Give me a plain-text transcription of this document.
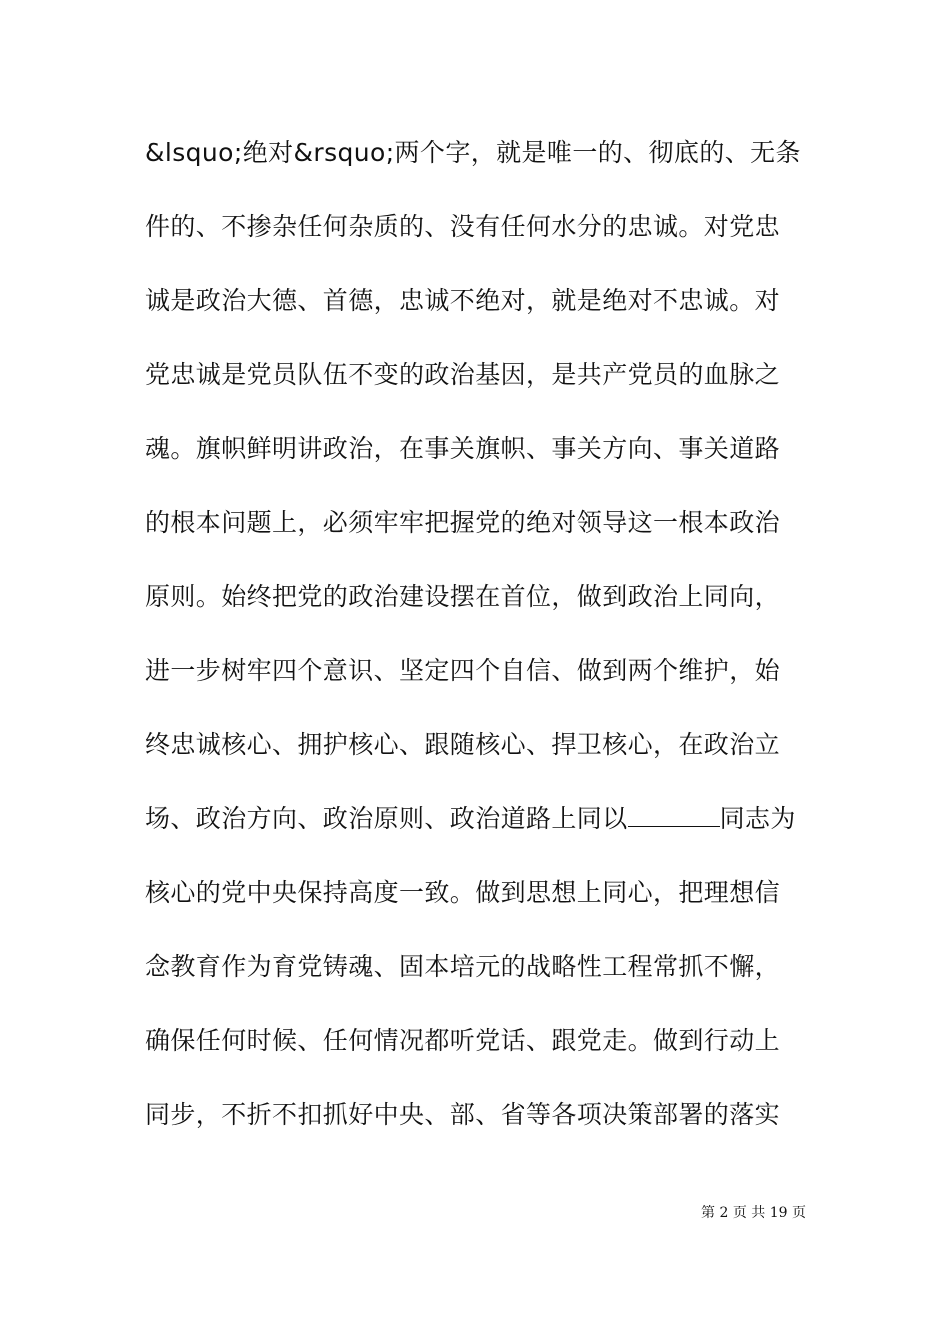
&lsquo;绝对&rsquo;两个字，就是唯一的、彻底的、无条
件的、不掺杂任何杂质的、没有任何水分的忠诚。对党忠
诚是政治大德、首德，忠诚不绝对，就是绝对不忠诚。对
党忠诚是党员队伍不变的政治基因，是共产党员的血脉之
魂。旗帜鲜明讲政治，在事关旗帜、事关方向、事关道路
的根本问题上，必须牢牢把握党的绝对领导这一根本政治
原则。始终把党的政治建设摆在首位，做到政治上同向，
进一步树牢四个意识、坚定四个自信、做到两个维护，始
终忠诚核心、拥护核心、跟随核心、捍卫核心，在政治立
场、政治方向、政治原则、政治道路上同以	同志为
核心的党中央保持高度一致。做到思想上同心，把理想信
念教育作为育党铸魂、固本培元的战略性工程常抓不懈，
确保任何时候、任何情况都听党话、跟党走。做到行动上
同步，不折不扣抓好中央、部、省等各项决策部署的落实
第 2 页 共 19 页
